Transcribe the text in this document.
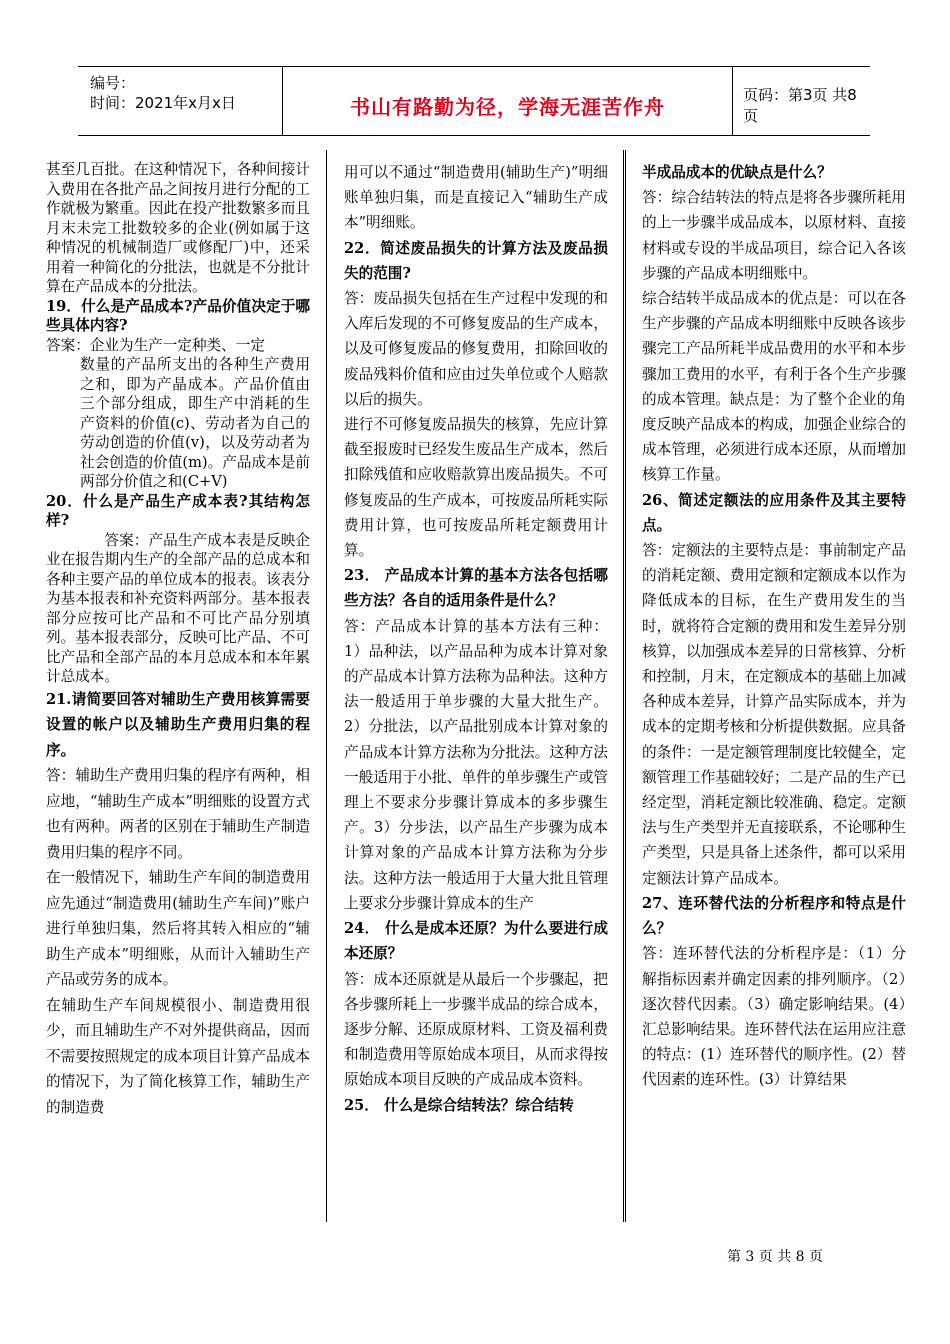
编号：
时间：2021年x月x日	书山有路勤为径，学海无涯苦作舟	页码：第3页 共8页

甚至几百批。在这种情况下，各种间接计入费用在各批产品之间按月进行分配的工作就极为繁重。因此在投产批数繁多而且月末未完工批数较多的企业(例如属于这种情况的机械制造厂或修配厂)中，还采用着一种简化的分批法，也就是不分批计算在产品成本的分批法。

19．什么是产品成本?产品价值决定于哪些具体内容?

答案：企业为生产一定种类、一定

数量的产品所支出的各种生产费用之和，即为产晶成本。产品价值由三个部分组成，即生产中消耗的生产资料的价值(c)、劳动者为自己的劳动创造的价值(v)，以及劳动者为社会创造的价值(m)。产品成本是前两部分价值之和(C+V)

20．什么是产品生产成本表?其结构怎样?

答案：产品生产成本表是反映企业在报告期内生产的全部产品的总成本和各种主要产品的单位成本的报表。该表分为基本报表和补充资料两部分。基本报表部分应按可比产品和不可比产品分别填列。基本报表部分，反映可比产品、不可比产品和全部产品的本月总成本和本年累计总成本。

21.请简要回答对辅助生产费用核算需要设置的帐户以及辅助生产费用归集的程序。

答：辅助生产费用归集的程序有两种，相应地，“辅助生产成本”明细账的设置方式也有两种。两者的区别在于辅助生产制造费用归集的程序不同。

在一般情况下，辅助生产车间的制造费用应先通过“制造费用(辅助生产车间)”账户进行单独归集，然后将其转入相应的“辅助生产成本”明细账，从而计入辅助生产产品或劳务的成本。

在辅助生产车间规模很小、制造费用很少，而且辅助生产不对外提供商品，因而不需要按照规定的成本项目计算产品成本的情况下，为了简化核算工作，辅助生产的制造费

用可以不通过“制造费用(辅助生产)”明细账单独归集，而是直接记入“辅助生产成本”明细账。

22．简述废品损失的计算方法及废品损失的范围?

答：废品损失包括在生产过程中发现的和入库后发现的不可修复废品的生产成本，以及可修复废品的修复费用，扣除回收的废品残料价值和应由过失单位或个人赔款以后的损失。

进行不可修复废品损失的核算，先应计算截至报废时已经发生废品生产成本，然后扣除残值和应收赔款算出废品损失。不可修复废品的生产成本，可按废品所耗实际费用计算，也可按废品所耗定额费用计算。

23． 产品成本计算的基本方法各包括哪些方法？各自的适用条件是什么？

答：产品成本计算的基本方法有三种：1）品种法，以产品品种为成本计算对象的产品成本计算方法称为品种法。这种方法一般适用于单步骤的大量大批生产。2）分批法，以产品批别成本计算对象的产品成本计算方法称为分批法。这种方法一般适用于小批、单件的单步骤生产或管理上不要求分步骤计算成本的多步骤生产。3）分步法，以产品生产步骤为成本计算对象的产品成本计算方法称为分步法。这种方法一般适用于大量大批且管理上要求分步骤计算成本的生产

24． 什么是成本还原？为什么要进行成本还原？

答：成本还原就是从最后一个步骤起，把各步骤所耗上一步骤半成品的综合成本，逐步分解、还原成原材料、工资及福利费和制造费用等原始成本项目，从而求得按原始成本项目反映的产成品成本资料。

25． 什么是综合结转法？综合结转

半成品成本的优缺点是什么？

答：综合结转法的特点是将各步骤所耗用的上一步骤半成品成本，以原材料、直接材料或专设的半成品项目，综合记入各该步骤的产品成本明细账中。

综合结转半成品成本的优点是：可以在各生产步骤的产品成本明细账中反映各该步骤完工产品所耗半成品费用的水平和本步骤加工费用的水平，有利于各个生产步骤的成本管理。缺点是：为了整个企业的角度反映产品成本的构成，加强企业综合的成本管理，必须进行成本还原，从而增加核算工作量。

26、简述定额法的应用条件及其主要特点。

答：定额法的主要特点是：事前制定产品的消耗定额、费用定额和定额成本以作为降低成本的目标，在生产费用发生的当时，就将符合定额的费用和发生差异分别核算，以加强成本差异的日常核算、分析和控制，月末，在定额成本的基础上加减各种成本差异，计算产品实际成本，并为成本的定期考核和分析提供数据。应具备的条件：一是定额管理制度比较健全，定额管理工作基础较好；二是产品的生产已经定型，消耗定额比较准确、稳定。定额法与生产类型并无直接联系，不论哪种生产类型，只是具备上述条件，都可以采用定额法计算产品成本。

27、连环替代法的分析程序和特点是什么？

答：连环替代法的分析程序是：（1）分解指标因素并确定因素的排列顺序。（2）逐次替代因素。（3）确定影响结果。(4）汇总影响结果。连环替代法在运用应注意的特点：(1）连环替代的顺序性。(2）替代因素的连环性。(3）计算结果

第 3 页 共 8 页
